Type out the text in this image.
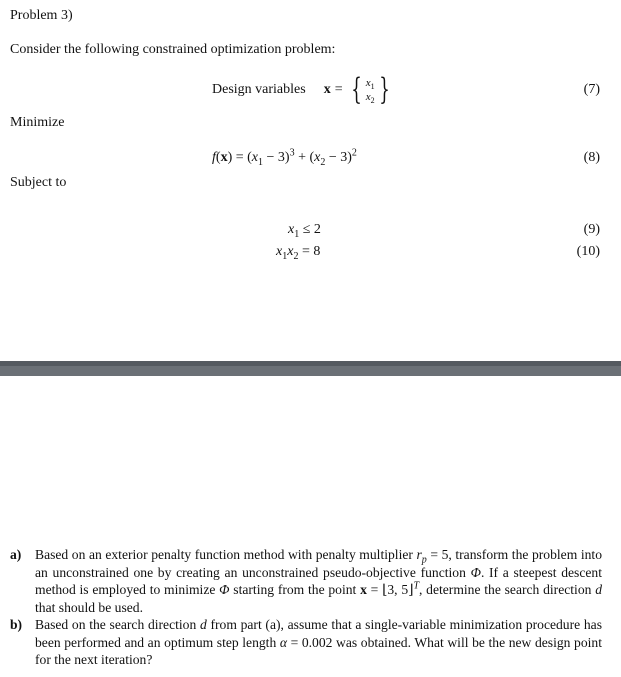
Problem 3)
Consider the following constrained optimization problem:
Design variables x = { $x_1$
$x_2$ }	(7)
Minimize
$f(x) = (x_1 - 3)^3 + (x_2 - 3)^2$	(8)
Subject to
$x_1 \le 2$	(9)
$x_1x_2 = 8$	(10)
a) Based on an exterior penalty function method with penalty multiplier $r_p = 5$, transform the problem into an unconstrained one by creating an unconstrained pseudo-objective function Φ. If a steepest descent method is employed to minimize Φ starting from the point x = ⌊3, 5⌋$^T$, determine the search direction d that should be used.
b) Based on the search direction d from part (a), assume that a single-variable minimization procedure has been performed and an optimum step length α = 0.002 was obtained. What will be the new design point for the next iteration?
